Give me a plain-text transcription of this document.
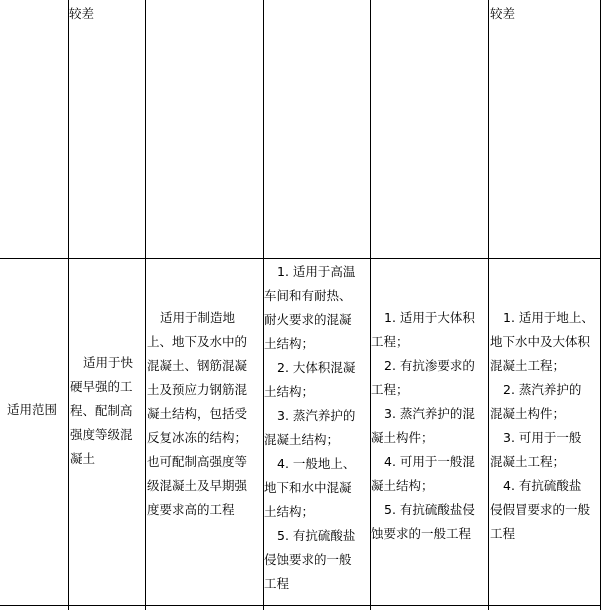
较差	较差
适用范围

适用于快

硬早强的工

程、配制高

强度等级混

凝土

适用于制造地

上、地下及水中的

混凝土、钢筋混凝

土及预应力钢筋混

凝土结构，包括受

反复冰冻的结构；

也可配制高强度等

级混凝土及早期强

度要求高的工程

1. 适用于高温

车间和有耐热、

耐火要求的混凝

土结构；

2. 大体积混凝

土结构；

3. 蒸汽养护的

混凝土结构；

4. 一般地上、

地下和水中混凝

土结构；

5. 有抗硫酸盐

侵蚀要求的一般

工程

1. 适用于大体积

工程；

2. 有抗渗要求的

工程；

3. 蒸汽养护的混

凝土构件；

4. 可用于一般混

凝土结构；

5. 有抗硫酸盐侵

蚀要求的一般工程

1. 适用于地上、

地下水中及大体积

混凝土工程；

2. 蒸汽养护的

混凝土构件；

3. 可用于一般

混凝土工程；

4. 有抗硫酸盐

侵假冒要求的一般

工程
